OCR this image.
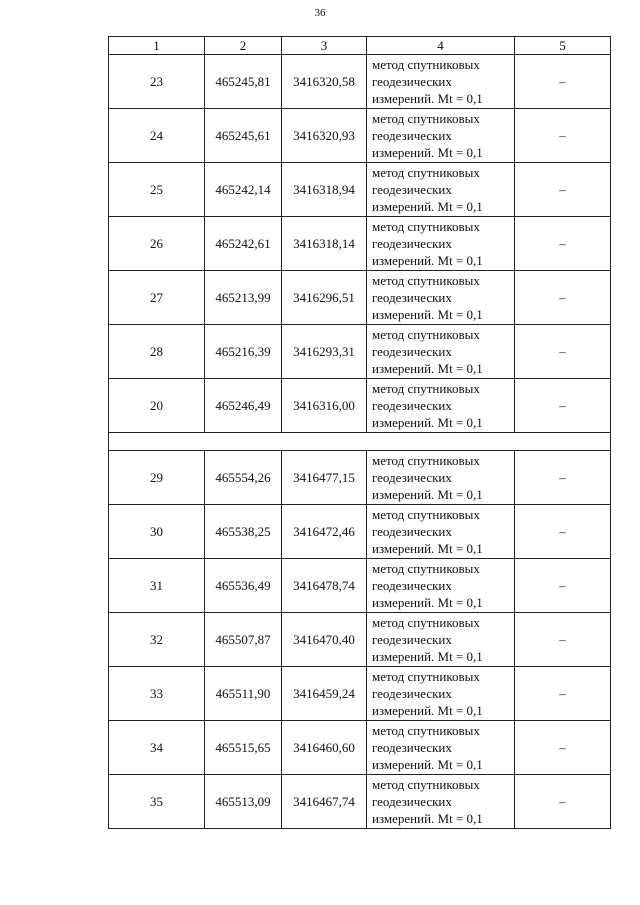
36
1	2	3	4	5
23	465245,81	3416320,58	метод спутниковых
геодезических
измерений. Mt = 0,1	–
24	465245,61	3416320,93	метод спутниковых
геодезических
измерений. Mt = 0,1	–
25	465242,14	3416318,94	метод спутниковых
геодезических
измерений. Mt = 0,1	–
26	465242,61	3416318,14	метод спутниковых
геодезических
измерений. Mt = 0,1	–
27	465213,99	3416296,51	метод спутниковых
геодезических
измерений. Mt = 0,1	–
28	465216,39	3416293,31	метод спутниковых
геодезических
измерений. Mt = 0,1	–
20	465246,49	3416316,00	метод спутниковых
геодезических
измерений. Mt = 0,1	–

29	465554,26	3416477,15	метод спутниковых
геодезических
измерений. Mt = 0,1	–
30	465538,25	3416472,46	метод спутниковых
геодезических
измерений. Mt = 0,1	–
31	465536,49	3416478,74	метод спутниковых
геодезических
измерений. Mt = 0,1	–
32	465507,87	3416470,40	метод спутниковых
геодезических
измерений. Mt = 0,1	–
33	465511,90	3416459,24	метод спутниковых
геодезических
измерений. Mt = 0,1	–
34	465515,65	3416460,60	метод спутниковых
геодезических
измерений. Mt = 0,1	–
35	465513,09	3416467,74	метод спутниковых
геодезических
измерений. Mt = 0,1	–
